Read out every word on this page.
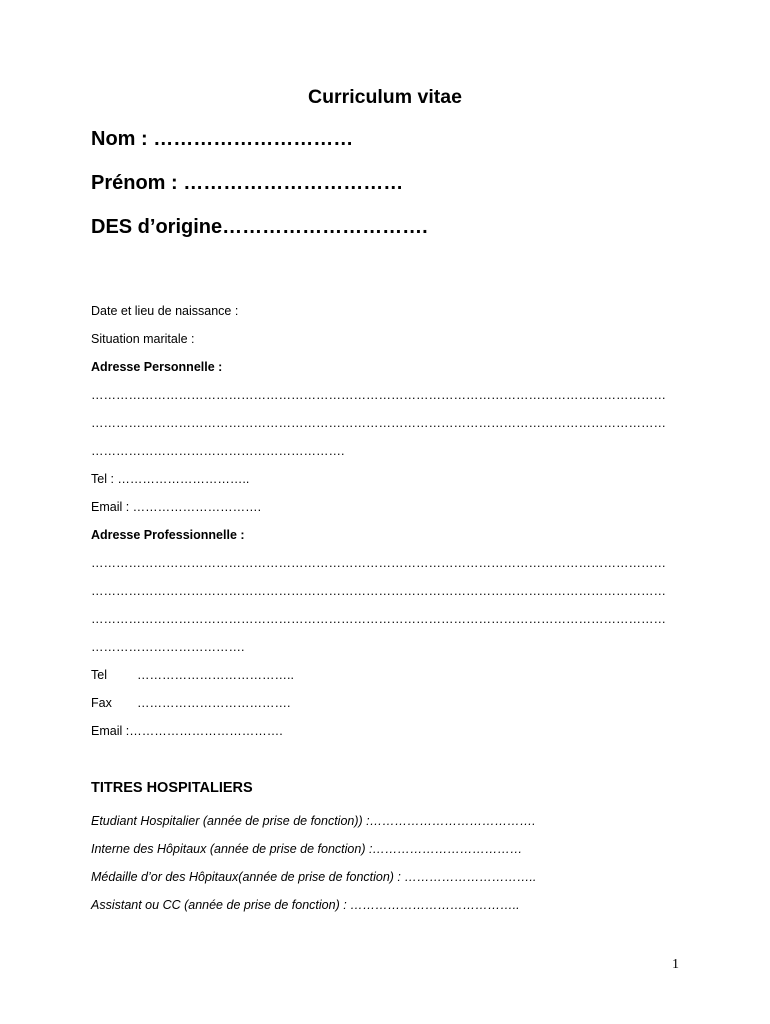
Curriculum vitae
Nom : …………………………
Prénom : ……………………………
DES d’origine………………………….
Date et lieu de naissance :
Situation maritale :
Adresse Personnelle :
…………………………………………………………………………………………………………………………
…………………………………………………………………………………………………………………………
…………………………………………………….
Tel : …………………………..
Email : ………………………….
Adresse Professionnelle :
…………………………………………………………………………………………………………………………
…………………………………………………………………………………………………………………………
…………………………………………………………………………………………………………………………
……………………………….
Tel ………………………………..
Fax ……………………………….
Email :……………………………….
TITRES HOSPITALIERS
Etudiant Hospitalier (année de prise de fonction)) :………………………………….
Interne des Hôpitaux (année de prise de fonction) :………………………………
Médaille d’or des Hôpitaux(année de prise de fonction) : …………………………..
Assistant ou CC (année de prise de fonction) : …………………………………..
1
